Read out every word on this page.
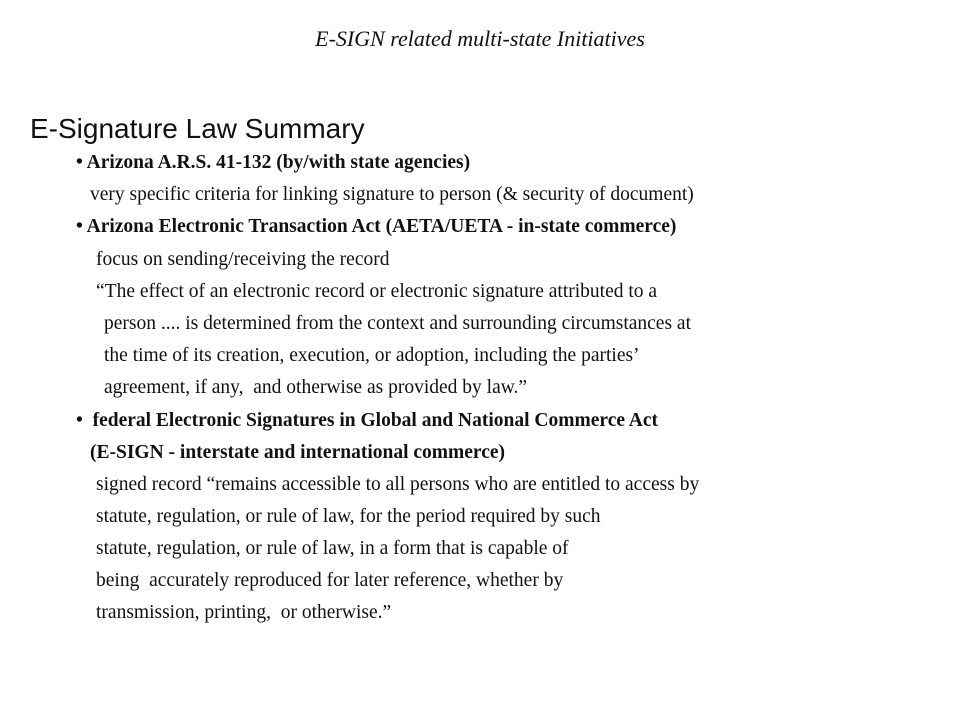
E-SIGN related multi-state Initiatives
E-Signature Law Summary
• Arizona A.R.S. 41-132 (by/with state agencies)
very specific criteria for linking signature to person (& security of document)
• Arizona Electronic Transaction Act (AETA/UETA - in-state commerce)
focus on sending/receiving the record
“The effect of an electronic record or electronic signature attributed to a
person .... is determined from the context and surrounding circumstances at
the time of its creation, execution, or adoption, including the parties’
agreement, if any,  and otherwise as provided by law.”
•  federal Electronic Signatures in Global and National Commerce Act
(E-SIGN - interstate and international commerce)
signed record “remains accessible to all persons who are entitled to access by
statute, regulation, or rule of law, for the period required by such
statute, regulation, or rule of law, in a form that is capable of
being  accurately reproduced for later reference, whether by
transmission, printing,  or otherwise.”
